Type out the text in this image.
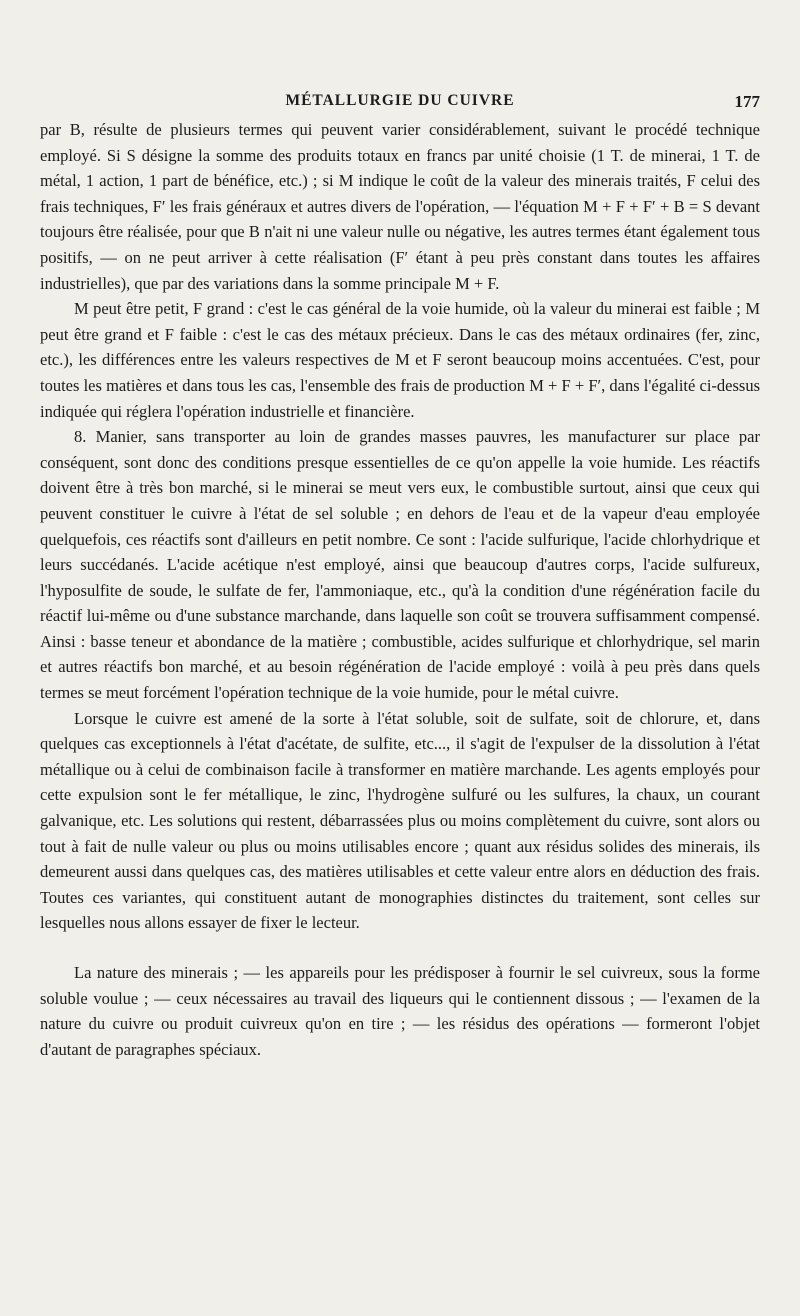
MÉTALLURGIE DU CUIVRE	177

par B, résulte de plusieurs termes qui peuvent varier considérablement, suivant le procédé technique employé. Si S désigne la somme des produits totaux en francs par unité choisie (1 T. de minerai, 1 T. de métal, 1 action, 1 part de bénéfice, etc.) ; si M indique le coût de la valeur des minerais traités, F celui des frais techniques, F′ les frais généraux et autres divers de l'opération, — l'équation M + F + F′ + B = S devant toujours être réalisée, pour que B n'ait ni une valeur nulle ou négative, les autres termes étant également tous positifs, — on ne peut arriver à cette réalisation (F′ étant à peu près constant dans toutes les affaires industrielles), que par des variations dans la somme principale M + F.

M peut être petit, F grand : c'est le cas général de la voie humide, où la valeur du minerai est faible ; M peut être grand et F faible : c'est le cas des métaux précieux. Dans le cas des métaux ordinaires (fer, zinc, etc.), les différences entre les valeurs respectives de M et F seront beaucoup moins accentuées. C'est, pour toutes les matières et dans tous les cas, l'ensemble des frais de production M + F + F′, dans l'égalité ci-dessus indiquée qui réglera l'opération industrielle et financière.

8. Manier, sans transporter au loin de grandes masses pauvres, les manufacturer sur place par conséquent, sont donc des conditions presque essentielles de ce qu'on appelle la voie humide. Les réactifs doivent être à très bon marché, si le minerai se meut vers eux, le combustible surtout, ainsi que ceux qui peuvent constituer le cuivre à l'état de sel soluble ; en dehors de l'eau et de la vapeur d'eau employée quelquefois, ces réactifs sont d'ailleurs en petit nombre. Ce sont : l'acide sulfurique, l'acide chlorhydrique et leurs succédanés. L'acide acétique n'est employé, ainsi que beaucoup d'autres corps, l'acide sulfureux, l'hyposulfite de soude, le sulfate de fer, l'ammoniaque, etc., qu'à la condition d'une régénération facile du réactif lui-même ou d'une substance marchande, dans laquelle son coût se trouvera suffisamment compensé. Ainsi : basse teneur et abondance de la matière ; combustible, acides sulfurique et chlorhydrique, sel marin et autres réactifs bon marché, et au besoin régénération de l'acide employé : voilà à peu près dans quels termes se meut forcément l'opération technique de la voie humide, pour le métal cuivre.

Lorsque le cuivre est amené de la sorte à l'état soluble, soit de sulfate, soit de chlorure, et, dans quelques cas exceptionnels à l'état d'acétate, de sulfite, etc..., il s'agit de l'expulser de la dissolution à l'état métallique ou à celui de combinaison facile à transformer en matière marchande. Les agents employés pour cette expulsion sont le fer métallique, le zinc, l'hydrogène sulfuré ou les sulfures, la chaux, un courant galvanique, etc. Les solutions qui restent, débarrassées plus ou moins complètement du cuivre, sont alors ou tout à fait de nulle valeur ou plus ou moins utilisables encore ; quant aux résidus solides des minerais, ils demeurent aussi dans quelques cas, des matières utilisables et cette valeur entre alors en déduction des frais. Toutes ces variantes, qui constituent autant de monographies distinctes du traitement, sont celles sur lesquelles nous allons essayer de fixer le lecteur.

La nature des minerais ; — les appareils pour les prédisposer à fournir le sel cuivreux, sous la forme soluble voulue ; — ceux nécessaires au travail des liqueurs qui le contiennent dissous ; — l'examen de la nature du cuivre ou produit cuivreux qu'on en tire ; — les résidus des opérations — formeront l'objet d'autant de paragraphes spéciaux.
